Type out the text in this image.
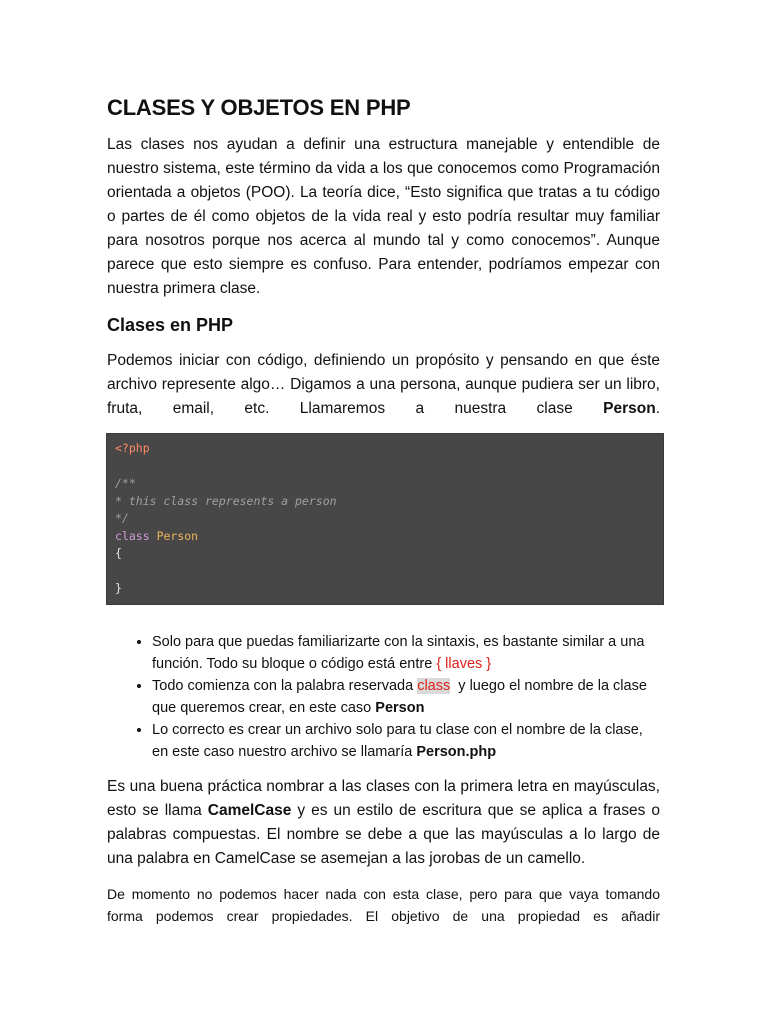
CLASES Y OBJETOS EN PHP

Las clases nos ayudan a definir una estructura manejable y entendible de nuestro sistema, este término da vida a los que conocemos como Programación orientada a objetos (POO). La teoría dice, “Esto significa que tratas a tu código o partes de él como objetos de la vida real y esto podría resultar muy familiar para nosotros porque nos acerca al mundo tal y como conocemos”. Aunque parece que esto siempre es confuso. Para entender, podríamos empezar con nuestra primera clase.

Clases en PHP

Podemos iniciar con código, definiendo un propósito y pensando en que éste archivo represente algo… Digamos a una persona, aunque pudiera ser un libro, fruta, email, etc. Llamaremos a nuestra clase Person.

<?php

/**
* this class represents a person
*/
class Person
{

}
• Solo para que puedas familiarizarte con la sintaxis, es bastante similar a una función. Todo su bloque o código está entre { llaves }
• Todo comienza con la palabra reservada class  y luego el nombre de la clase que queremos crear, en este caso Person
• Lo correcto es crear un archivo solo para tu clase con el nombre de la clase, en este caso nuestro archivo se llamaría Person.php

Es una buena práctica nombrar a las clases con la primera letra en mayúsculas, esto se llama CamelCase y es un estilo de escritura que se aplica a frases o palabras compuestas. El nombre se debe a que las mayúsculas a lo largo de una palabra en CamelCase se asemejan a las jorobas de un camello.

De momento no podemos hacer nada con esta clase, pero para que vaya tomando forma podemos crear propiedades. El objetivo de una propiedad es añadir
